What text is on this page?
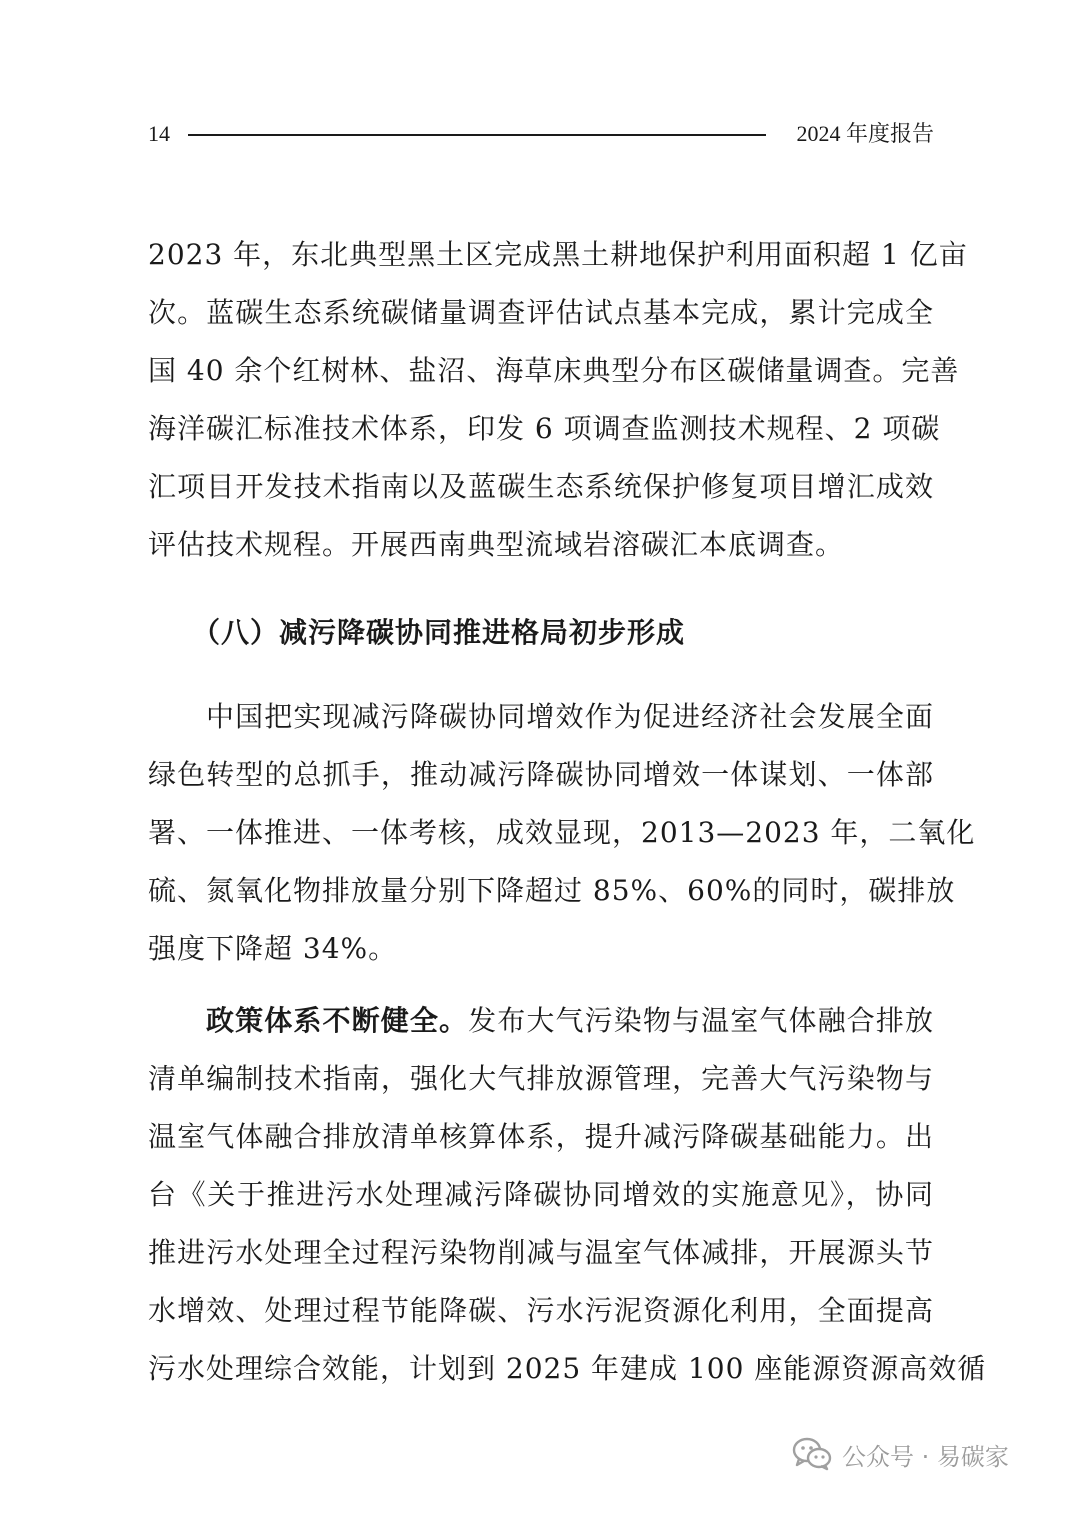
14	2024 年度报告
2023 年，东北典型黑土区完成黑土耕地保护利用面积超 1 亿亩
次。蓝碳生态系统碳储量调查评估试点基本完成，累计完成全
国 40 余个红树林、盐沼、海草床典型分布区碳储量调查。完善
海洋碳汇标准技术体系，印发 6 项调查监测技术规程、2 项碳
汇项目开发技术指南以及蓝碳生态系统保护修复项目增汇成效
评估技术规程。开展西南典型流域岩溶碳汇本底调查。
（八）减污降碳协同推进格局初步形成
中国把实现减污降碳协同增效作为促进经济社会发展全面
绿色转型的总抓手，推动减污降碳协同增效一体谋划、一体部
署、一体推进、一体考核，成效显现，2013—2023 年，二氧化
硫、氮氧化物排放量分别下降超过 85%、60%的同时，碳排放
强度下降超 34%。
政策体系不断健全。发布大气污染物与温室气体融合排放
清单编制技术指南，强化大气排放源管理，完善大气污染物与
温室气体融合排放清单核算体系，提升减污降碳基础能力。出
台《关于推进污水处理减污降碳协同增效的实施意见》，协同
推进污水处理全过程污染物削减与温室气体减排，开展源头节
水增效、处理过程节能降碳、污水污泥资源化利用，全面提高
污水处理综合效能，计划到 2025 年建成 100 座能源资源高效循
公众号 · 易碳家
